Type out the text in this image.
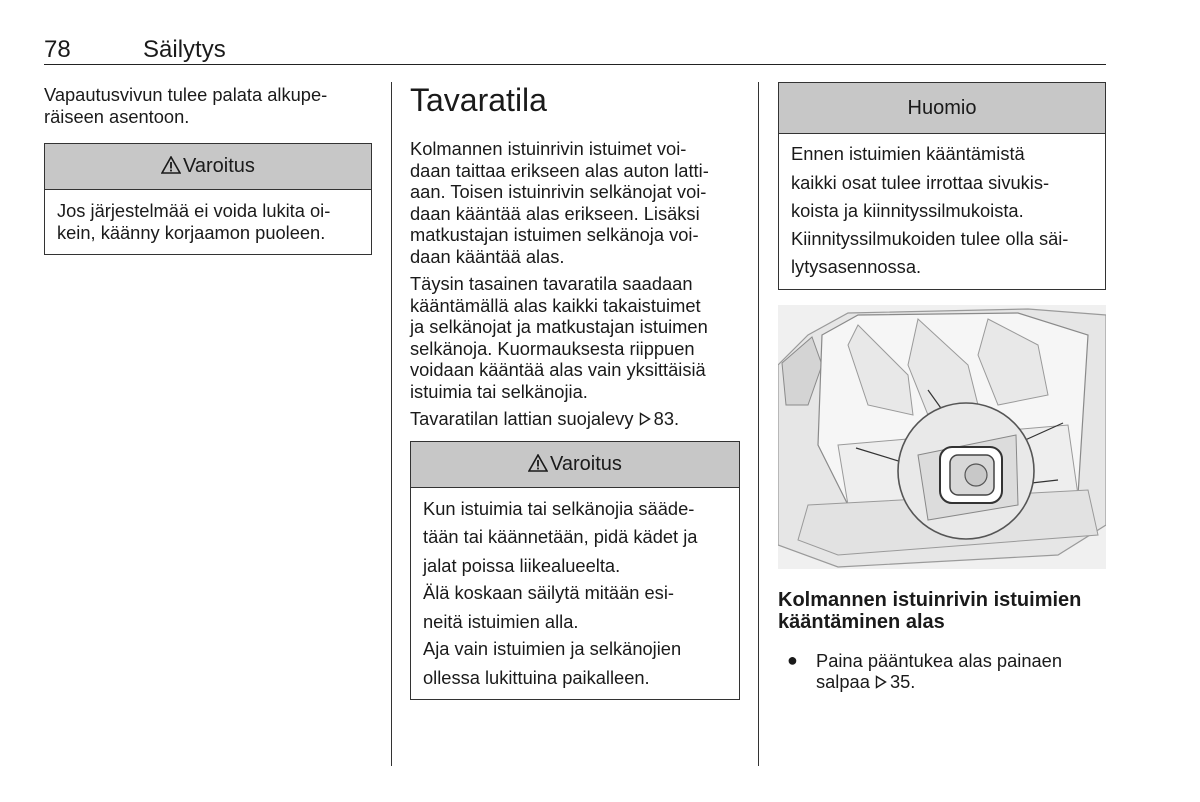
78	Säilytys

Vapautusvivun tulee palata alkupe-

räiseen asentoon.

Varoitus

Jos järjestelmää ei voida lukita oi-

kein, käänny korjaamon puoleen.

Tavaratila

Kolmannen istuinrivin istuimet voi-

daan taittaa erikseen alas auton latti-

aan. Toisen istuinrivin selkänojat voi-

daan kääntää alas erikseen. Lisäksi

matkustajan istuimen selkänoja voi-

daan kääntää alas.

Täysin tasainen tavaratila saadaan

kääntämällä alas kaikki takaistuimet

ja selkänojat ja matkustajan istuimen

selkänoja. Kuormauksesta riippuen

voidaan kääntää alas vain yksittäisiä

istuimia tai selkänojia.

Tavaratilan lattian suojalevy 83.

Varoitus

Kun istuimia tai selkänojia sääde-

tään tai käännetään, pidä kädet ja

jalat poissa liikealueelta.

Älä koskaan säilytä mitään esi-

neitä istuimien alla.

Aja vain istuimien ja selkänojien

ollessa lukittuina paikalleen.

Huomio

Ennen istuimien kääntämistä

kaikki osat tulee irrottaa sivukis-

koista ja kiinnityssilmukoista.

Kiinnityssilmukoiden tulee olla säi-

lytysasennossa.

Kolmannen istuinrivin istuimien

kääntäminen alas

● Paina pääntukea alas painaen

salpaa 35.
